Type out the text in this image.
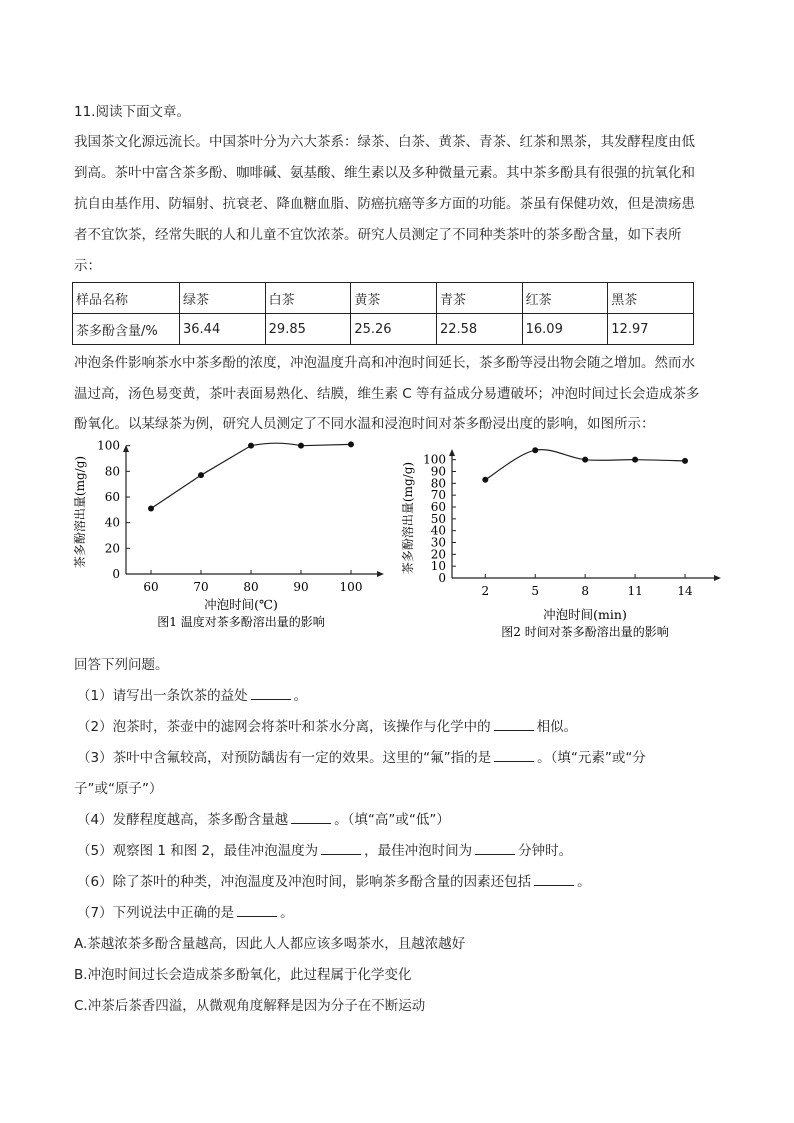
11.阅读下面文章。
我国茶文化源远流长。中国茶叶分为六大茶系：绿茶、白茶、黄茶、青茶、红茶和黑茶，其发酵程度由低
到高。茶叶中富含茶多酚、咖啡碱、氨基酸、维生素以及多种微量元素。其中茶多酚具有很强的抗氧化和
抗自由基作用、防辐射、抗衰老、降血糖血脂、防癌抗癌等多方面的功能。茶虽有保健功效，但是溃疡患
者不宜饮茶，经常失眠的人和儿童不宜饮浓茶。研究人员测定了不同种类茶叶的茶多酚含量，如下表所
示：
样品名称	绿茶	白茶	黄茶	青茶	红茶	黑茶
茶多酚含量/%	36.44	29.85	25.26	22.58	16.09	12.97
冲泡条件影响茶水中茶多酚的浓度，冲泡温度升高和冲泡时间延长，茶多酚等浸出物会随之增加。然而水
温过高，汤色易变黄，茶叶表面易熟化、结膜，维生素 C 等有益成分易遭破坏；冲泡时间过长会造成茶多
酚氧化。以某绿茶为例，研究人员测定了不同水温和浸泡时间对茶多酚浸出度的影响，如图所示：
0
20
40
60
80
100
60	70	80	90	100
茶多酚溶出量(mg/g)
冲泡时间(℃)
图1 温度对茶多酚溶出量的影响
0
10
20
30
40
50
60
70
80
90
100
2	5	8	11	14
茶多酚溶出量(mg/g)
冲泡时间(min)
图2 时间对茶多酚溶出量的影响
回答下列问题。
（1）请写出一条饮茶的益处	。
（2）泡茶时，茶壶中的滤网会将茶叶和茶水分离，该操作与化学中的	相似。
（3）茶叶中含氟较高，对预防龋齿有一定的效果。这里的“氟”指的是	。（填“元素”或“分
子”或“原子”）
（4）发酵程度越高，茶多酚含量越	。（填“高”或“低”）
（5）观察图 1 和图 2，最佳冲泡温度为	，最佳冲泡时间为	分钟时。
（6）除了茶叶的种类，冲泡温度及冲泡时间，影响茶多酚含量的因素还包括	。
（7）下列说法中正确的是	。
A.茶越浓茶多酚含量越高，因此人人都应该多喝茶水，且越浓越好
B.冲泡时间过长会造成茶多酚氧化，此过程属于化学变化
C.冲茶后茶香四溢，从微观角度解释是因为分子在不断运动
